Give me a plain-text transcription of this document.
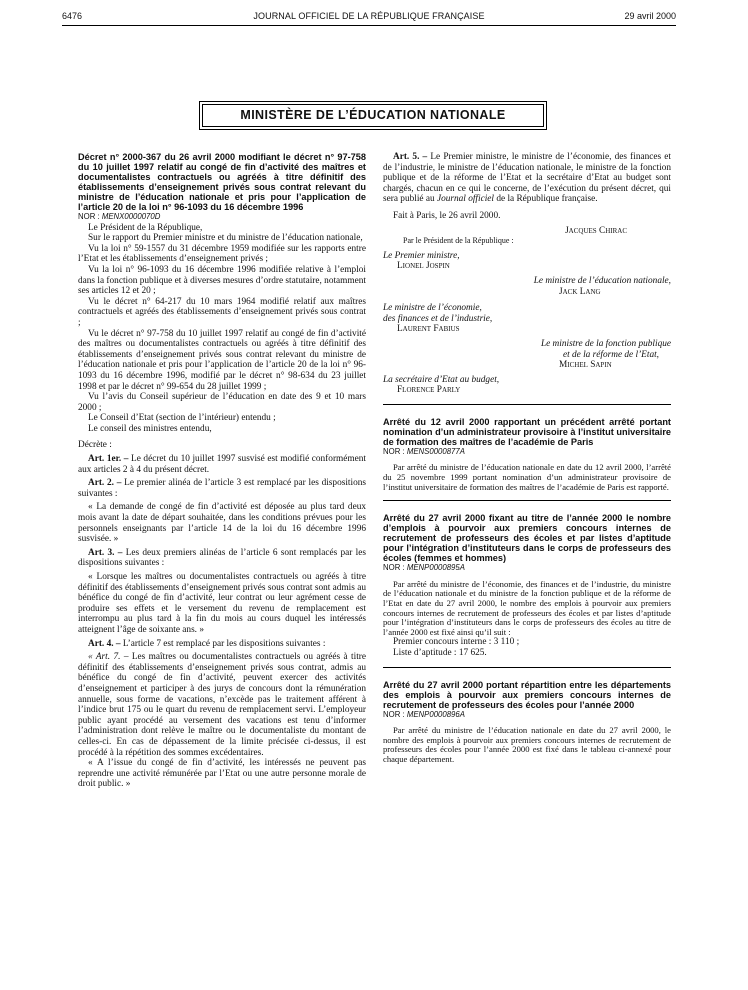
6476	JOURNAL OFFICIEL DE LA RÉPUBLIQUE FRANÇAISE	29 avril 2000
MINISTÈRE DE L’ÉDUCATION NATIONALE

Décret n° 2000-367 du 26 avril 2000 modifiant le décret n° 97-758 du 10 juillet 1997 relatif au congé de fin d’activité des maîtres et documentalistes contractuels ou agréés à titre définitif des établissements d’enseignement privés sous contrat relevant du ministre de l’éducation nationale et pris pour l’application de l’article 20 de la loi n° 96-1093 du 16 décembre 1996

NOR : MENX0000070D

Le Président de la République,

Sur le rapport du Premier ministre et du ministre de l’éducation nationale,

Vu la loi n° 59-1557 du 31 décembre 1959 modifiée sur les rapports entre l’Etat et les établissements d’enseignement privés ;

Vu la loi n° 96-1093 du 16 décembre 1996 modifiée relative à l’emploi dans la fonction publique et à diverses mesures d’ordre statutaire, notamment ses articles 12 et 20 ;

Vu le décret n° 64-217 du 10 mars 1964 modifié relatif aux maîtres contractuels et agréés des établissements d’enseignement privés sous contrat ;

Vu le décret n° 97-758 du 10 juillet 1997 relatif au congé de fin d’activité des maîtres ou documentalistes contractuels ou agréés à titre définitif des établissements d’enseignement privés sous contrat relevant du ministre de l’éducation nationale et pris pour l’application de l’article 20 de la loi n° 96-1093 du 16 décembre 1996, modifié par le décret n° 98-634 du 23 juillet 1998 et par le décret n° 99-654 du 28 juillet 1999 ;

Vu l’avis du Conseil supérieur de l’éducation en date des 9 et 10 mars 2000 ;

Le Conseil d’Etat (section de l’intérieur) entendu ;

Le conseil des ministres entendu,

Décrète :

Art. 1er. – Le décret du 10 juillet 1997 susvisé est modifié conformément aux articles 2 à 4 du présent décret.

Art. 2. – Le premier alinéa de l’article 3 est remplacé par les dispositions suivantes :

« La demande de congé de fin d’activité est déposée au plus tard deux mois avant la date de départ souhaitée, dans les conditions prévues pour les personnels enseignants par l’article 14 de la loi du 16 décembre 1996 susvisée. »

Art. 3. – Les deux premiers alinéas de l’article 6 sont remplacés par les dispositions suivantes :

« Lorsque les maîtres ou documentalistes contractuels ou agréés à titre définitif des établissements d’enseignement privés sous contrat sont admis au bénéfice du congé de fin d’activité, leur contrat ou leur agrément cesse de produire ses effets et le versement du revenu de remplacement est interrompu au plus tard à la fin du mois au cours duquel les intéressés atteignent l’âge de soixante ans. »

Art. 4. – L’article 7 est remplacé par les dispositions suivantes :

« Art. 7. – Les maîtres ou documentalistes contractuels ou agréés à titre définitif des établissements d’enseignement privés sous contrat, admis au bénéfice du congé de fin d’activité, peuvent exercer des activités d’enseignement et participer à des jurys de concours dont la rémunération annuelle, sous forme de vacations, n’excède pas le traitement afférent à l’indice brut 175 ou le quart du revenu de remplacement servi. L’employeur public ayant procédé au versement des vacations est tenu d’informer l’administration dont relève le maître ou le documentaliste du montant de celles-ci. En cas de dépassement de la limite précisée ci-dessus, il est procédé à la répétition des sommes excédentaires.

« A l’issue du congé de fin d’activité, les intéressés ne peuvent pas reprendre une activité rémunérée par l’Etat ou une autre personne morale de droit public. »

Art. 5. – Le Premier ministre, le ministre de l’économie, des finances et de l’industrie, le ministre de l’éducation nationale, le ministre de la fonction publique et de la réforme de l’Etat et la secrétaire d’Etat au budget sont chargés, chacun en ce qui le concerne, de l’exécution du présent décret, qui sera publié au Journal officiel de la République française.

Fait à Paris, le 26 avril 2000.

Jacques Chirac

Par le Président de la République :

Le Premier ministre,

Lionel Jospin

Le ministre de l’éducation nationale,

Jack Lang

Le ministre de l’économie,

des finances et de l’industrie,

Laurent Fabius

Le ministre de la fonction publique

et de la réforme de l’Etat,

Michel Sapin

La secrétaire d’Etat au budget,

Florence Parly

Arrêté du 12 avril 2000 rapportant un précédent arrêté portant nomination d’un administrateur provisoire à l’institut universitaire de formation des maîtres de l’académie de Paris

NOR : MENS0000877A

Par arrêté du ministre de l’éducation nationale en date du 12 avril 2000, l’arrêté du 25 novembre 1999 portant nomination d’un administrateur provisoire de l’institut universitaire de formation des maîtres de l’académie de Paris est rapporté.

Arrêté du 27 avril 2000 fixant au titre de l’année 2000 le nombre d’emplois à pourvoir aux premiers concours internes de recrutement de professeurs des écoles et par listes d’aptitude pour l’intégration d’instituteurs dans le corps de professeurs des écoles (femmes et hommes)

NOR : MENP0000895A

Par arrêté du ministre de l’économie, des finances et de l’industrie, du ministre de l’éducation nationale et du ministre de la fonction publique et de la réforme de l’Etat en date du 27 avril 2000, le nombre des emplois à pourvoir aux premiers concours internes de recrutement de professeurs des écoles et par listes d’aptitude pour l’intégration d’instituteurs dans le corps de professeurs des écoles au titre de l’année 2000 est fixé ainsi qu’il suit :

Premier concours interne : 3 110 ;

Liste d’aptitude : 17 625.

Arrêté du 27 avril 2000 portant répartition entre les départements des emplois à pourvoir aux premiers concours internes de recrutement de professeurs des écoles pour l’année 2000

NOR : MENP0000896A

Par arrêté du ministre de l’éducation nationale en date du 27 avril 2000, le nombre des emplois à pourvoir aux premiers concours internes de recrutement de professeurs des écoles pour l’année 2000 est fixé dans le tableau ci-annexé pour chaque département.
